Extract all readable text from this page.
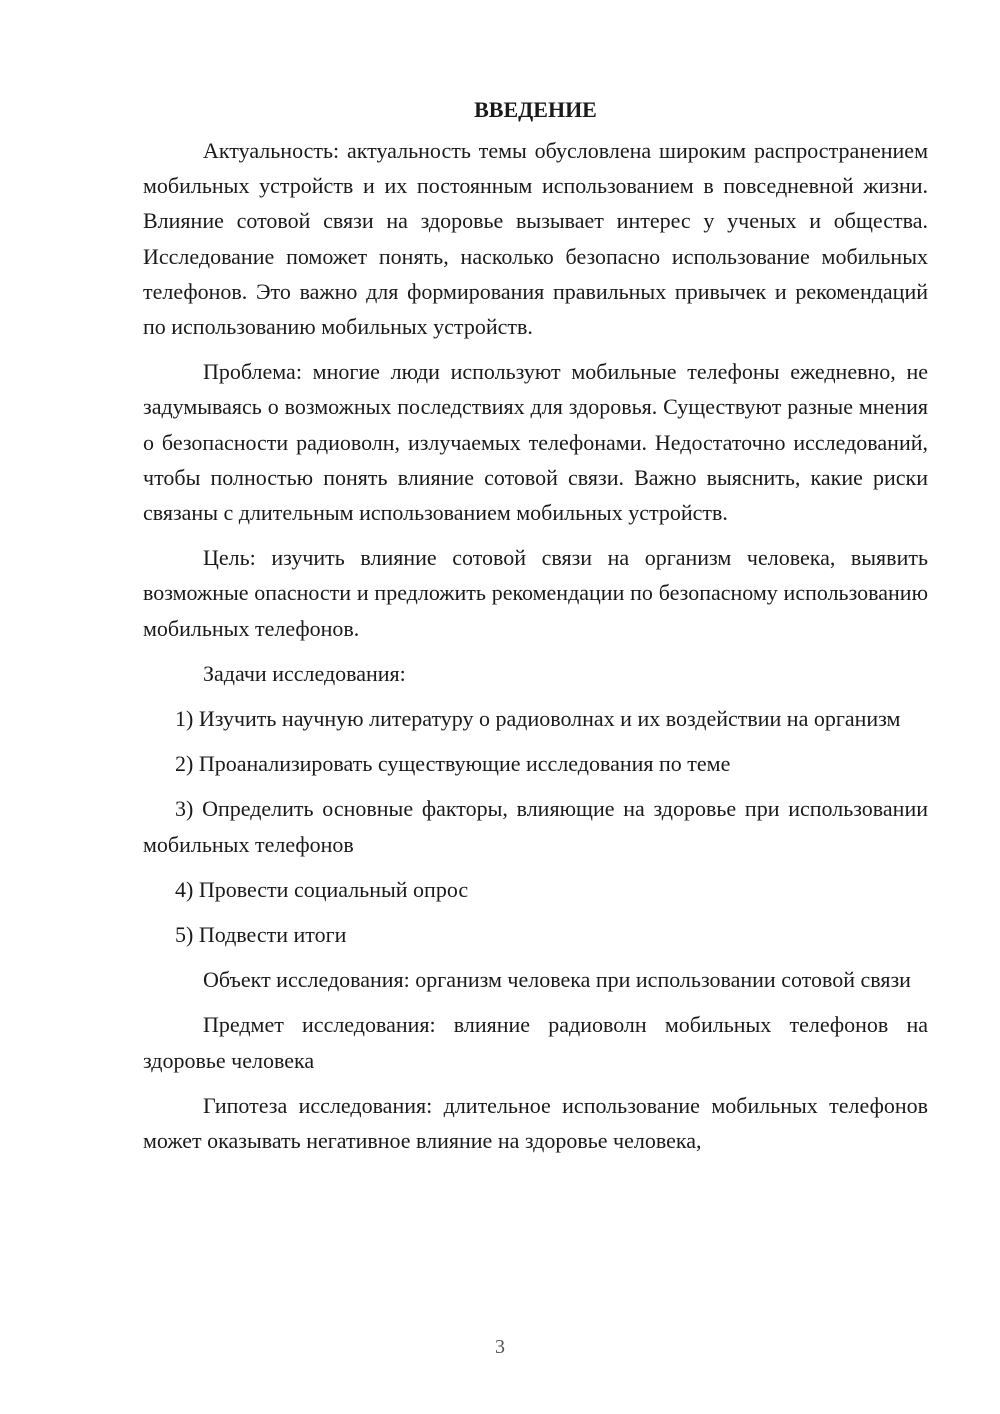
ВВЕДЕНИЕ

Актуальность: актуальность темы обусловлена широким распространением мобильных устройств и их постоянным использованием в повседневной жизни. Влияние сотовой связи на здоровье вызывает интерес у ученых и общества. Исследование поможет понять, насколько безопасно использование мобильных телефонов. Это важно для формирования правильных привычек и рекомендаций по использованию мобильных устройств.

Проблема: многие люди используют мобильные телефоны ежедневно, не задумываясь о возможных последствиях для здоровья. Существуют разные мнения о безопасности радиоволн, излучаемых телефонами. Недостаточно исследований, чтобы полностью понять влияние сотовой связи. Важно выяснить, какие риски связаны с длительным использованием мобильных устройств.

Цель: изучить влияние сотовой связи на организм человека, выявить возможные опасности и предложить рекомендации по безопасному использованию мобильных телефонов.

Задачи исследования:

1) Изучить научную литературу о радиоволнах и их воздействии на организм

2) Проанализировать существующие исследования по теме

3) Определить основные факторы, влияющие на здоровье при использовании мобильных телефонов

4) Провести социальный опрос

5) Подвести итоги

Объект исследования: организм человека при использовании сотовой связи

Предмет исследования: влияние радиоволн мобильных телефонов на здоровье человека

Гипотеза исследования: длительное использование мобильных телефонов может оказывать негативное влияние на здоровье человека,

3
